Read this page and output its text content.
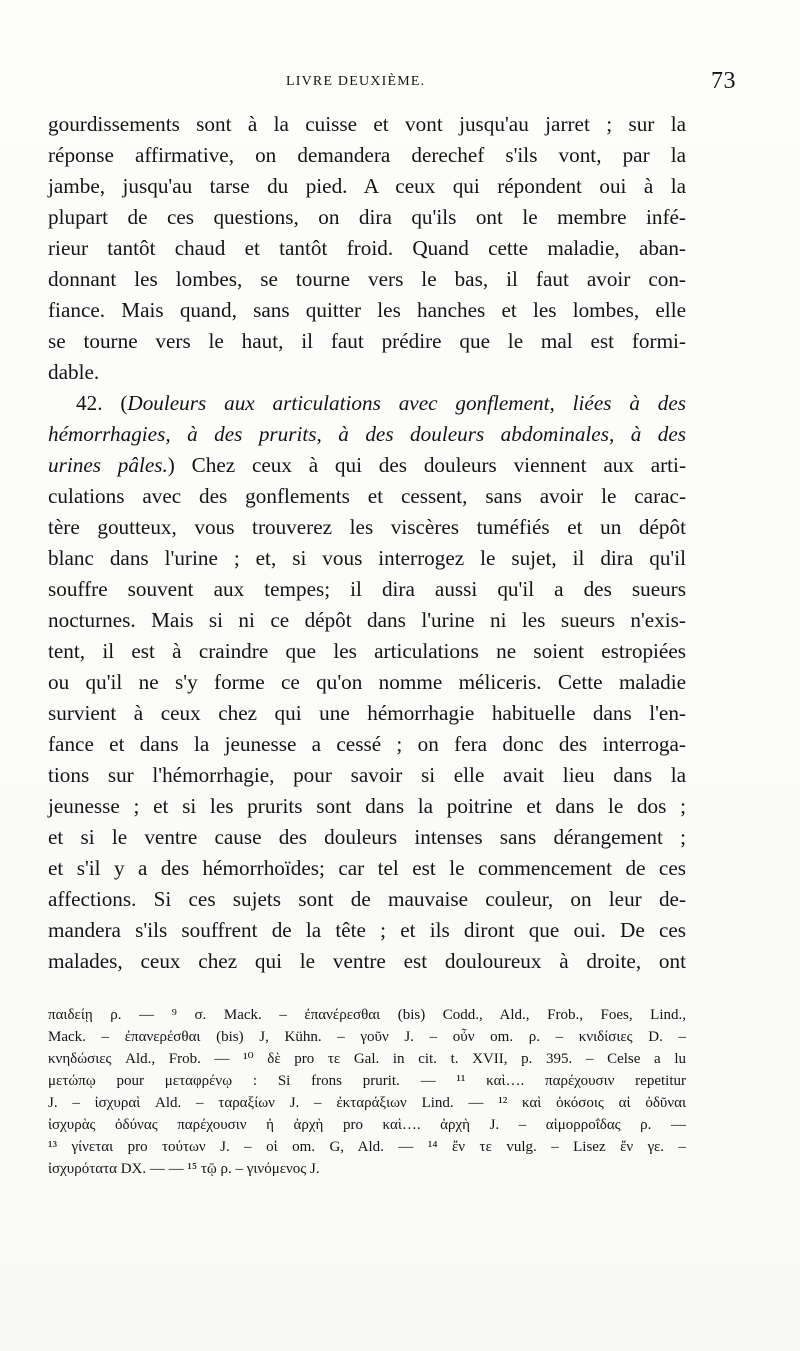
LIVRE DEUXIÈME.	73
gourdissements sont à la cuisse et vont jusqu'au jarret ; sur la
réponse affirmative, on demandera derechef s'ils vont, par la
jambe, jusqu'au tarse du pied. A ceux qui répondent oui à la
plupart de ces questions, on dira qu'ils ont le membre infé-
rieur tantôt chaud et tantôt froid. Quand cette maladie, aban-
donnant les lombes, se tourne vers le bas, il faut avoir con-
fiance. Mais quand, sans quitter les hanches et les lombes, elle
se tourne vers le haut, il faut prédire que le mal est formi-
dable.
42. (Douleurs aux articulations avec gonflement, liées à des
hémorrhagies, à des prurits, à des douleurs abdominales, à des
urines pâles.) Chez ceux à qui des douleurs viennent aux arti-
culations avec des gonflements et cessent, sans avoir le carac-
tère goutteux, vous trouverez les viscères tuméfiés et un dépôt
blanc dans l'urine ; et, si vous interrogez le sujet, il dira qu'il
souffre souvent aux tempes; il dira aussi qu'il a des sueurs
nocturnes. Mais si ni ce dépôt dans l'urine ni les sueurs n'exis-
tent, il est à craindre que les articulations ne soient estropiées
ou qu'il ne s'y forme ce qu'on nomme méliceris. Cette maladie
survient à ceux chez qui une hémorrhagie habituelle dans l'en-
fance et dans la jeunesse a cessé ; on fera donc des interroga-
tions sur l'hémorrhagie, pour savoir si elle avait lieu dans la
jeunesse ; et si les prurits sont dans la poitrine et dans le dos ;
et si le ventre cause des douleurs intenses sans dérangement ;
et s'il y a des hémorrhoïdes; car tel est le commencement de ces
affections. Si ces sujets sont de mauvaise couleur, on leur de-
mandera s'ils souffrent de la tête ; et ils diront que oui. De ces
malades, ceux chez qui le ventre est douloureux à droite, ont
παιδείῃ ρ. — ⁹ σ. Mack. – ἐπανέρεσθαι (bis) Codd., Ald., Frob., Foes, Lind.,
Mack. – ἐπανερέσθαι (bis) J, Kühn. – γοῦν J. – οὖν om. ρ. – κνιδίσιες D. –
κνηδώσιες Ald., Frob. — ¹⁰ δὲ pro τε Gal. in cit. t. XVII, p. 395. – Celse a lu
μετώπῳ pour μεταφρένῳ : Si frons prurit. — ¹¹ καὶ…. παρέχουσιν repetitur
J. – ἰσχυραὶ Ald. – ταραξίων J. – ἐκταράξιων Lind. — ¹² καὶ ὁκόσοις αἱ ὀδῦναι
ἰσχυρὰς ὀδύνας παρέχουσιν ἡ ἀρχὴ pro καὶ…. ἀρχὴ J. – αἱμορροΐδας ρ. —
¹³ γίνεται pro τούτων J. – οἱ om. G, Ald. — ¹⁴ ἔν τε vulg. – Lisez ἔν γε. –
ἰσχυρότατα DX. — — ¹⁵ τῷ ρ. – γινόμενος J.
